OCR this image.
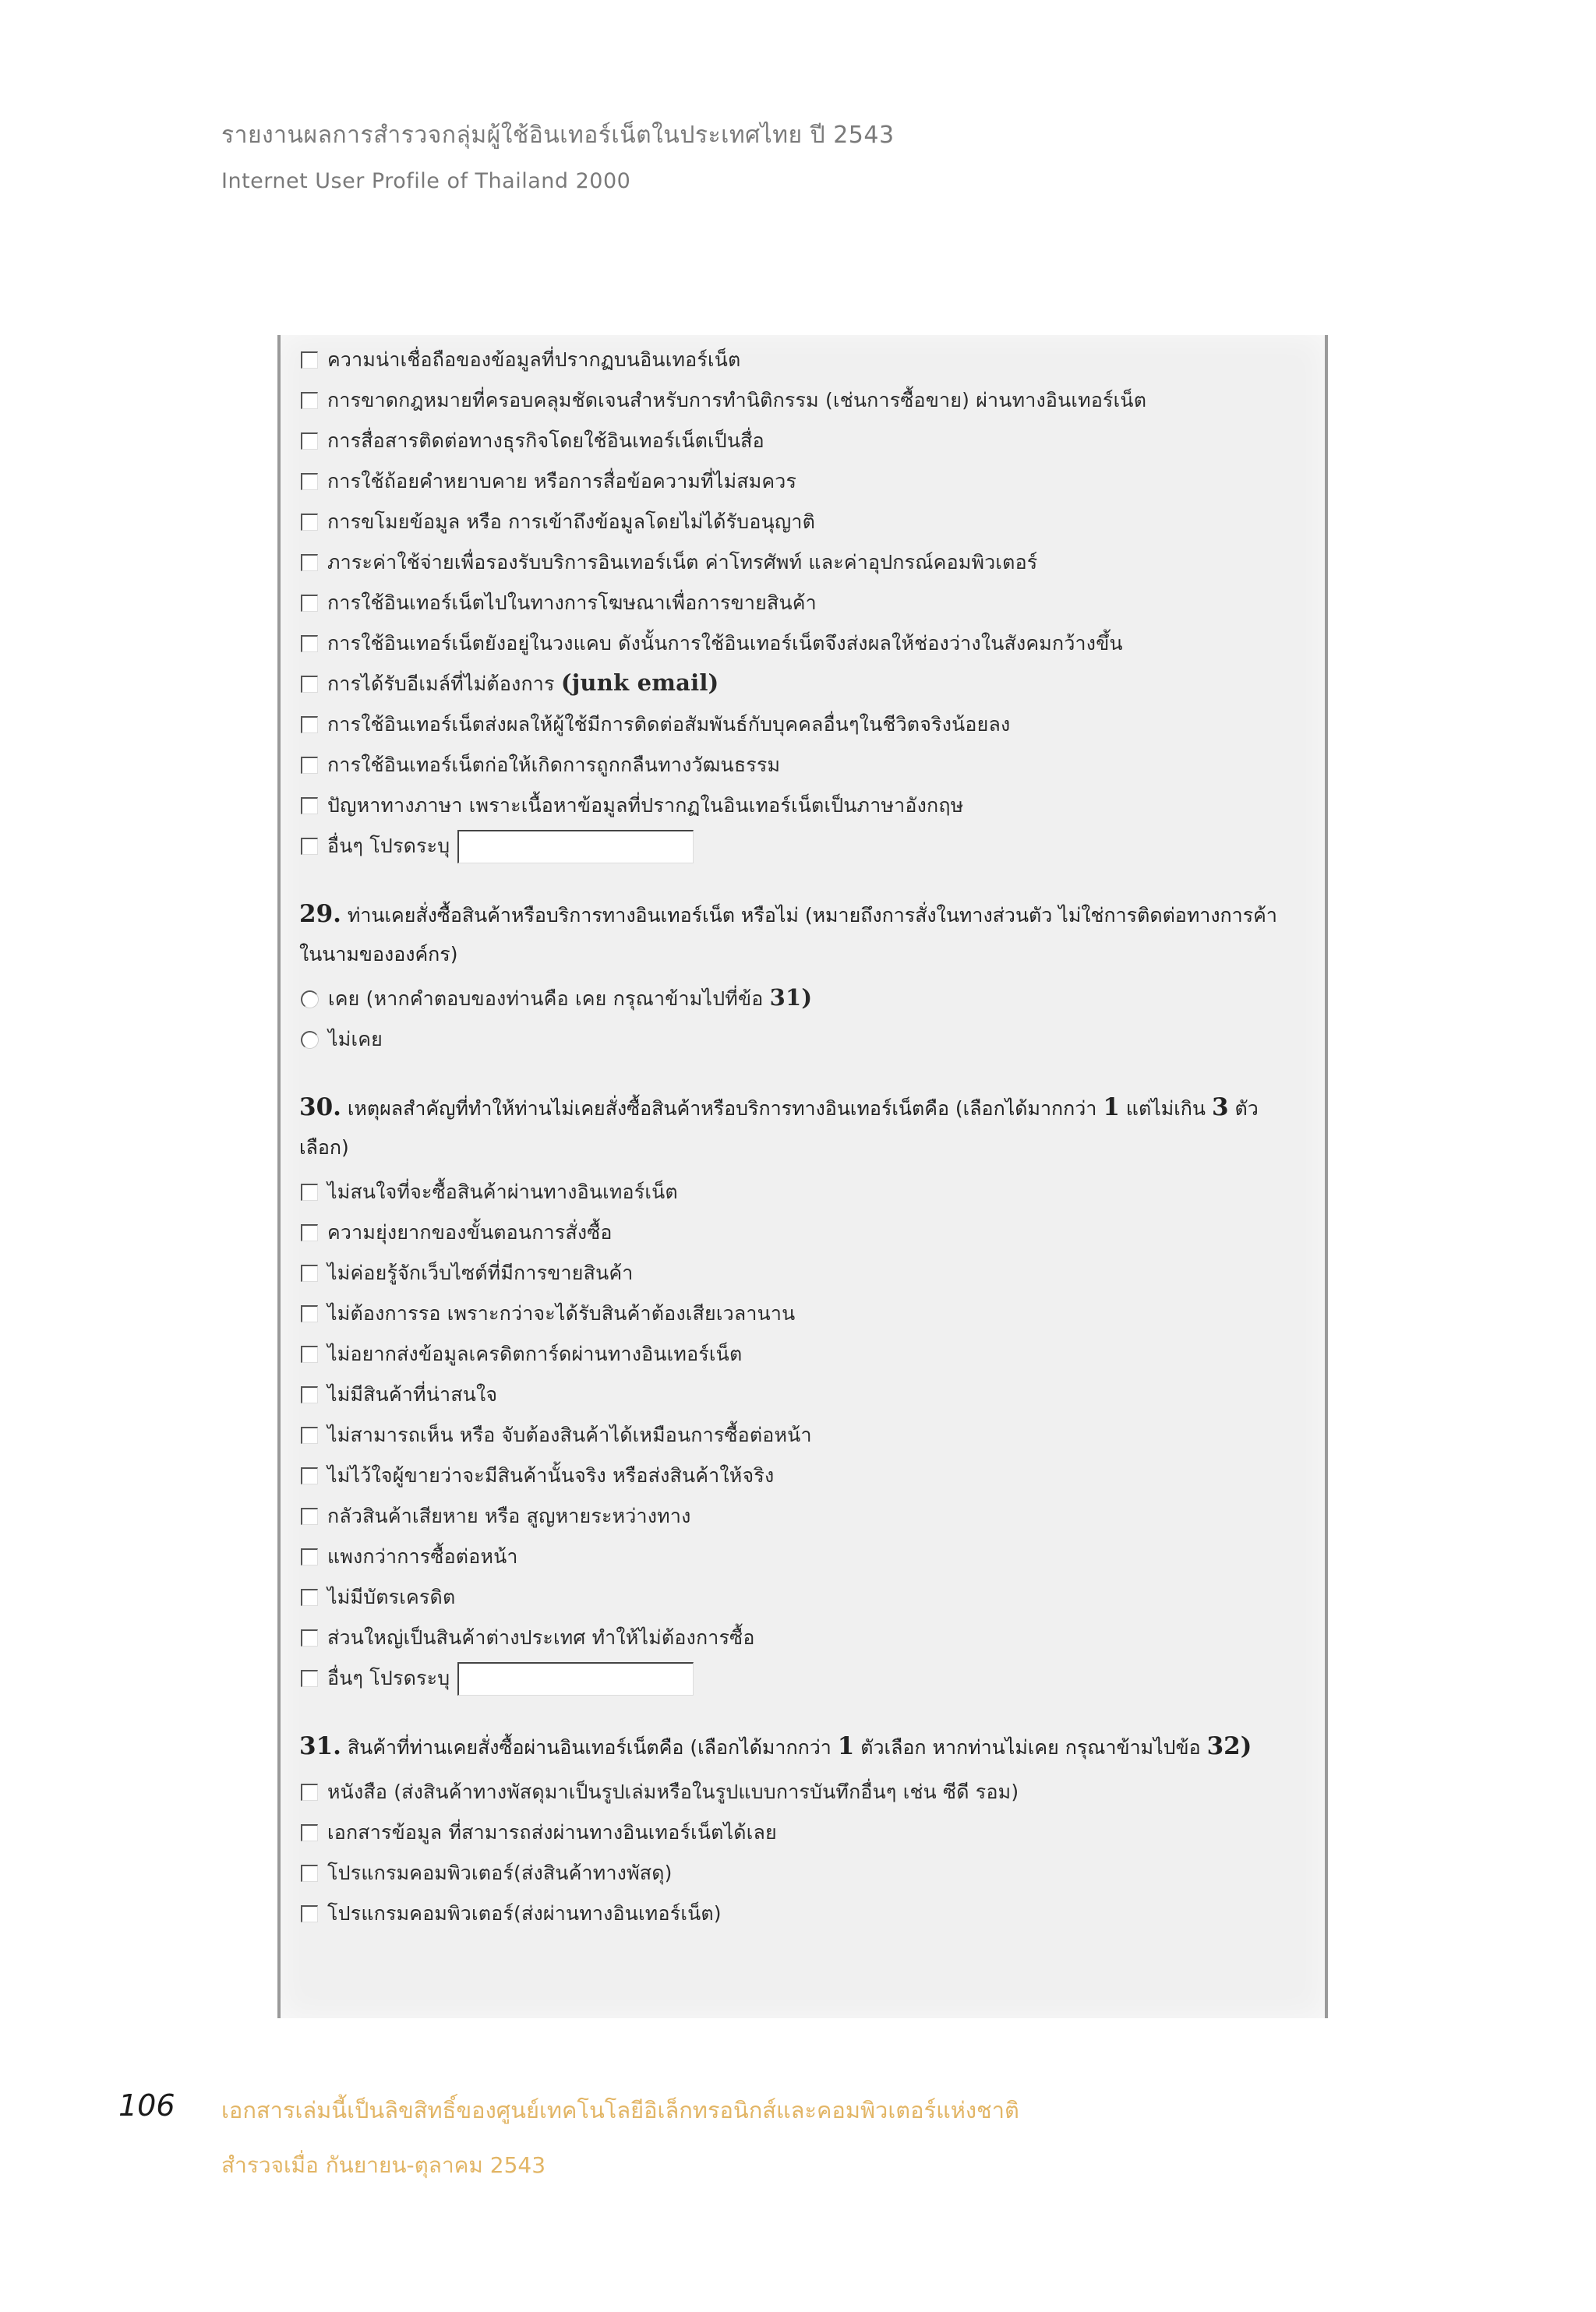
รายงานผลการสำรวจกลุ่มผู้ใช้อินเทอร์เน็ตในประเทศไทย ปี 2543
Internet User Profile of Thailand 2000
ความน่าเชื่อถือของข้อมูลที่ปรากฏบนอินเทอร์เน็ต
การขาดกฎหมายที่ครอบคลุมชัดเจนสำหรับการทำนิติกรรม (เช่นการซื้อขาย) ผ่านทางอินเทอร์เน็ต
การสื่อสารติดต่อทางธุรกิจโดยใช้อินเทอร์เน็ตเป็นสื่อ
การใช้ถ้อยคำหยาบคาย หรือการสื่อข้อความที่ไม่สมควร
การขโมยข้อมูล หรือ การเข้าถึงข้อมูลโดยไม่ได้รับอนุญาติ
ภาระค่าใช้จ่ายเพื่อรองรับบริการอินเทอร์เน็ต ค่าโทรศัพท์ และค่าอุปกรณ์คอมพิวเตอร์
การใช้อินเทอร์เน็ตไปในทางการโฆษณาเพื่อการขายสินค้า
การใช้อินเทอร์เน็ตยังอยู่ในวงแคบ ดังนั้นการใช้อินเทอร์เน็ตจึงส่งผลให้ช่องว่างในสังคมกว้างขึ้น
การได้รับอีเมล์ที่ไม่ต้องการ (junk email)
การใช้อินเทอร์เน็ตส่งผลให้ผู้ใช้มีการติดต่อสัมพันธ์กับบุคคลอื่นๆในชีวิตจริงน้อยลง
การใช้อินเทอร์เน็ตก่อให้เกิดการถูกกลืนทางวัฒนธรรม
ปัญหาทางภาษา เพราะเนื้อหาข้อมูลที่ปรากฏในอินเทอร์เน็ตเป็นภาษาอังกฤษ
อื่นๆ โปรดระบุ
29. ท่านเคยสั่งซื้อสินค้าหรือบริการทางอินเทอร์เน็ต หรือไม่ (หมายถึงการสั่งในทางส่วนตัว ไม่ใช่การติดต่อทางการค้าในนามขององค์กร)
เคย (หากคำตอบของท่านคือ เคย กรุณาข้ามไปที่ข้อ 31)
ไม่เคย
30. เหตุผลสำคัญที่ทำให้ท่านไม่เคยสั่งซื้อสินค้าหรือบริการทางอินเทอร์เน็ตคือ (เลือกได้มากกว่า 1 แต่ไม่เกิน 3 ตัวเลือก)
ไม่สนใจที่จะซื้อสินค้าผ่านทางอินเทอร์เน็ต
ความยุ่งยากของขั้นตอนการสั่งซื้อ
ไม่ค่อยรู้จักเว็บไซต์ที่มีการขายสินค้า
ไม่ต้องการรอ เพราะกว่าจะได้รับสินค้าต้องเสียเวลานาน
ไม่อยากส่งข้อมูลเครดิตการ์ดผ่านทางอินเทอร์เน็ต
ไม่มีสินค้าที่น่าสนใจ
ไม่สามารถเห็น หรือ จับต้องสินค้าได้เหมือนการซื้อต่อหน้า
ไม่ไว้ใจผู้ขายว่าจะมีสินค้านั้นจริง หรือส่งสินค้าให้จริง
กลัวสินค้าเสียหาย หรือ สูญหายระหว่างทาง
แพงกว่าการซื้อต่อหน้า
ไม่มีบัตรเครดิต
ส่วนใหญ่เป็นสินค้าต่างประเทศ ทำให้ไม่ต้องการซื้อ
อื่นๆ โปรดระบุ
31. สินค้าที่ท่านเคยสั่งซื้อผ่านอินเทอร์เน็ตคือ (เลือกได้มากกว่า 1 ตัวเลือก หากท่านไม่เคย กรุณาข้ามไปข้อ 32)
หนังสือ (ส่งสินค้าทางพัสดุมาเป็นรูปเล่มหรือในรูปแบบการบันทึกอื่นๆ เช่น ซีดี รอม)
เอกสารข้อมูล ที่สามารถส่งผ่านทางอินเทอร์เน็ตได้เลย
โปรแกรมคอมพิวเตอร์(ส่งสินค้าทางพัสดุ)
โปรแกรมคอมพิวเตอร์(ส่งผ่านทางอินเทอร์เน็ต)
106 เอกสารเล่มนี้เป็นลิขสิทธิ์ของศูนย์เทคโนโลยีอิเล็กทรอนิกส์และคอมพิวเตอร์แห่งชาติ
สำรวจเมื่อ กันยายน-ตุลาคม 2543
